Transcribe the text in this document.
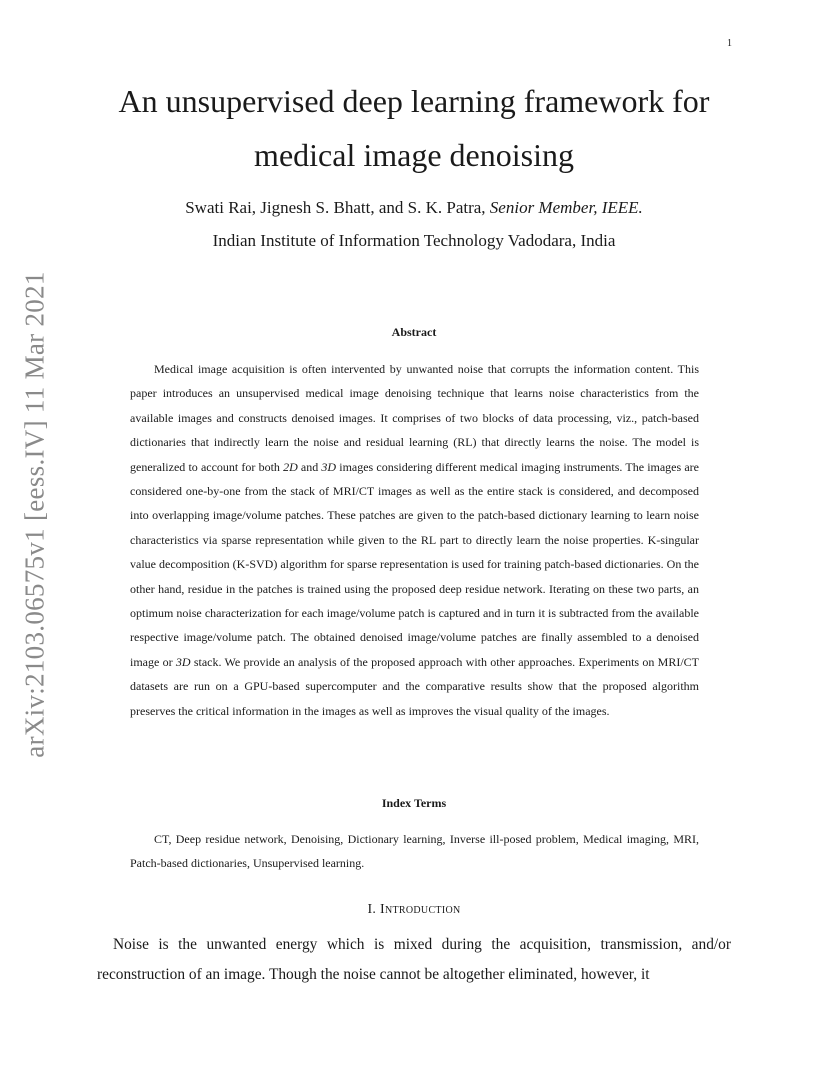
1
arXiv:2103.06575v1 [eess.IV] 11 Mar 2021
An unsupervised deep learning framework for
medical image denoising
Swati Rai, Jignesh S. Bhatt, and S. K. Patra, Senior Member, IEEE.
Indian Institute of Information Technology Vadodara, India
Abstract

Medical image acquisition is often intervented by unwanted noise that corrupts the information content. This paper introduces an unsupervised medical image denoising technique that learns noise characteristics from the available images and constructs denoised images. It comprises of two blocks of data processing, viz., patch-based dictionaries that indirectly learn the noise and residual learning (RL) that directly learns the noise. The model is generalized to account for both 2D and 3D images considering different medical imaging instruments. The images are considered one-by-one from the stack of MRI/CT images as well as the entire stack is considered, and decomposed into overlapping image/volume patches. These patches are given to the patch-based dictionary learning to learn noise characteristics via sparse representation while given to the RL part to directly learn the noise properties. K-singular value decomposition (K-SVD) algorithm for sparse representation is used for training patch-based dictionaries. On the other hand, residue in the patches is trained using the proposed deep residue network. Iterating on these two parts, an optimum noise characterization for each image/volume patch is captured and in turn it is subtracted from the available respective image/volume patch. The obtained denoised image/volume patches are finally assembled to a denoised image or 3D stack. We provide an analysis of the proposed approach with other approaches. Experiments on MRI/CT datasets are run on a GPU-based supercomputer and the comparative results show that the proposed algorithm preserves the critical information in the images as well as improves the visual quality of the images.

Index Terms

CT, Deep residue network, Denoising, Dictionary learning, Inverse ill-posed problem, Medical imaging, MRI, Patch-based dictionaries, Unsupervised learning.

I. Introduction

Noise is the unwanted energy which is mixed during the acquisition, transmission, and/or reconstruction of an image. Though the noise cannot be altogether eliminated, however, it
